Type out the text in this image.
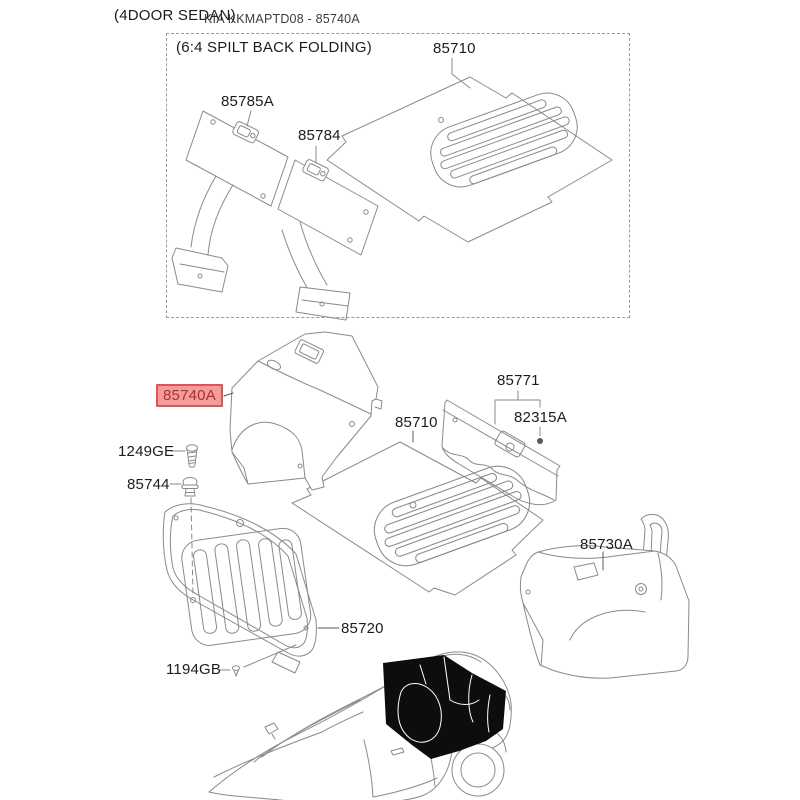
(4DOOR SEDAN)
KIA KKMAPTD08 - 85740A
(6:4 SPILT BACK FOLDING)
85785A
85784
85710
85740A
1249GE
85744
85771
82315A
85710
85730A
85720
1194GB
